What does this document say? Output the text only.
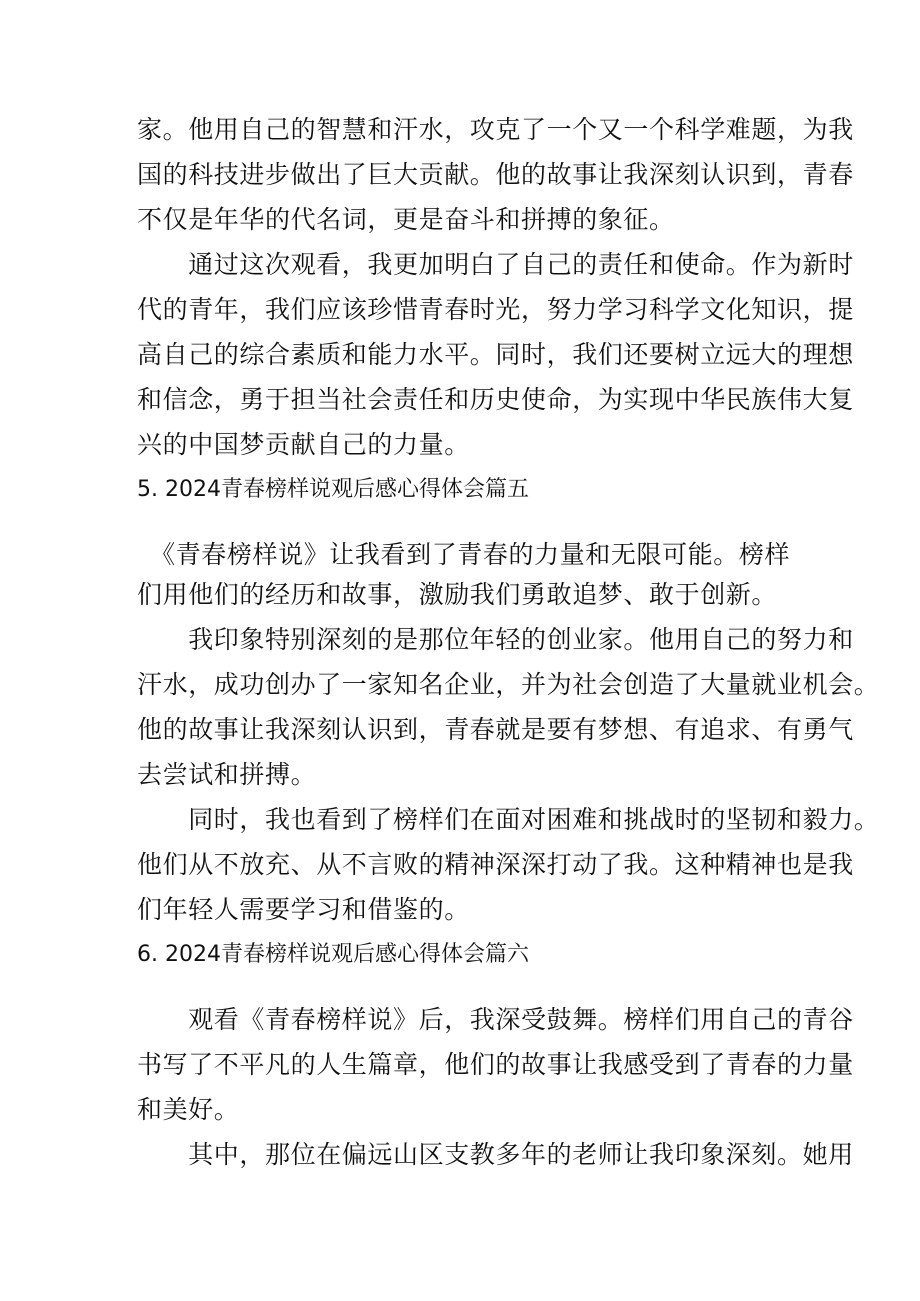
家。他用自己的智慧和汗水，攻克了一个又一个科学难题，为我
国的科技进步做出了巨大贡献。他的故事让我深刻认识到，青春
不仅是年华的代名词，更是奋斗和拼搏的象征。
　　通过这次观看，我更加明白了自己的责任和使命。作为新时
代的青年，我们应该珍惜青春时光，努力学习科学文化知识，提
高自己的综合素质和能力水平。同时，我们还要树立远大的理想
和信念，勇于担当社会责任和历史使命，为实现中华民族伟大复
兴的中国梦贡献自己的力量。
5. 2024青春榜样说观后感心得体会篇五
　《青春榜样说》让我看到了青春的力量和无限可能。榜样
们用他们的经历和故事，激励我们勇敢追梦、敢于创新。
　　我印象特别深刻的是那位年轻的创业家。他用自己的努力和
汗水，成功创办了一家知名企业，并为社会创造了大量就业机会。
他的故事让我深刻认识到，青春就是要有梦想、有追求、有勇气
去尝试和拼搏。
　　同时，我也看到了榜样们在面对困难和挑战时的坚韧和毅力。
他们从不放充、从不言败的精神深深打动了我。这种精神也是我
们年轻人需要学习和借鉴的。
6. 2024青春榜样说观后感心得体会篇六
　　观看《青春榜样说》后，我深受鼓舞。榜样们用自己的青谷
书写了不平凡的人生篇章，他们的故事让我感受到了青春的力量
和美好。
　　其中，那位在偏远山区支教多年的老师让我印象深刻。她用
